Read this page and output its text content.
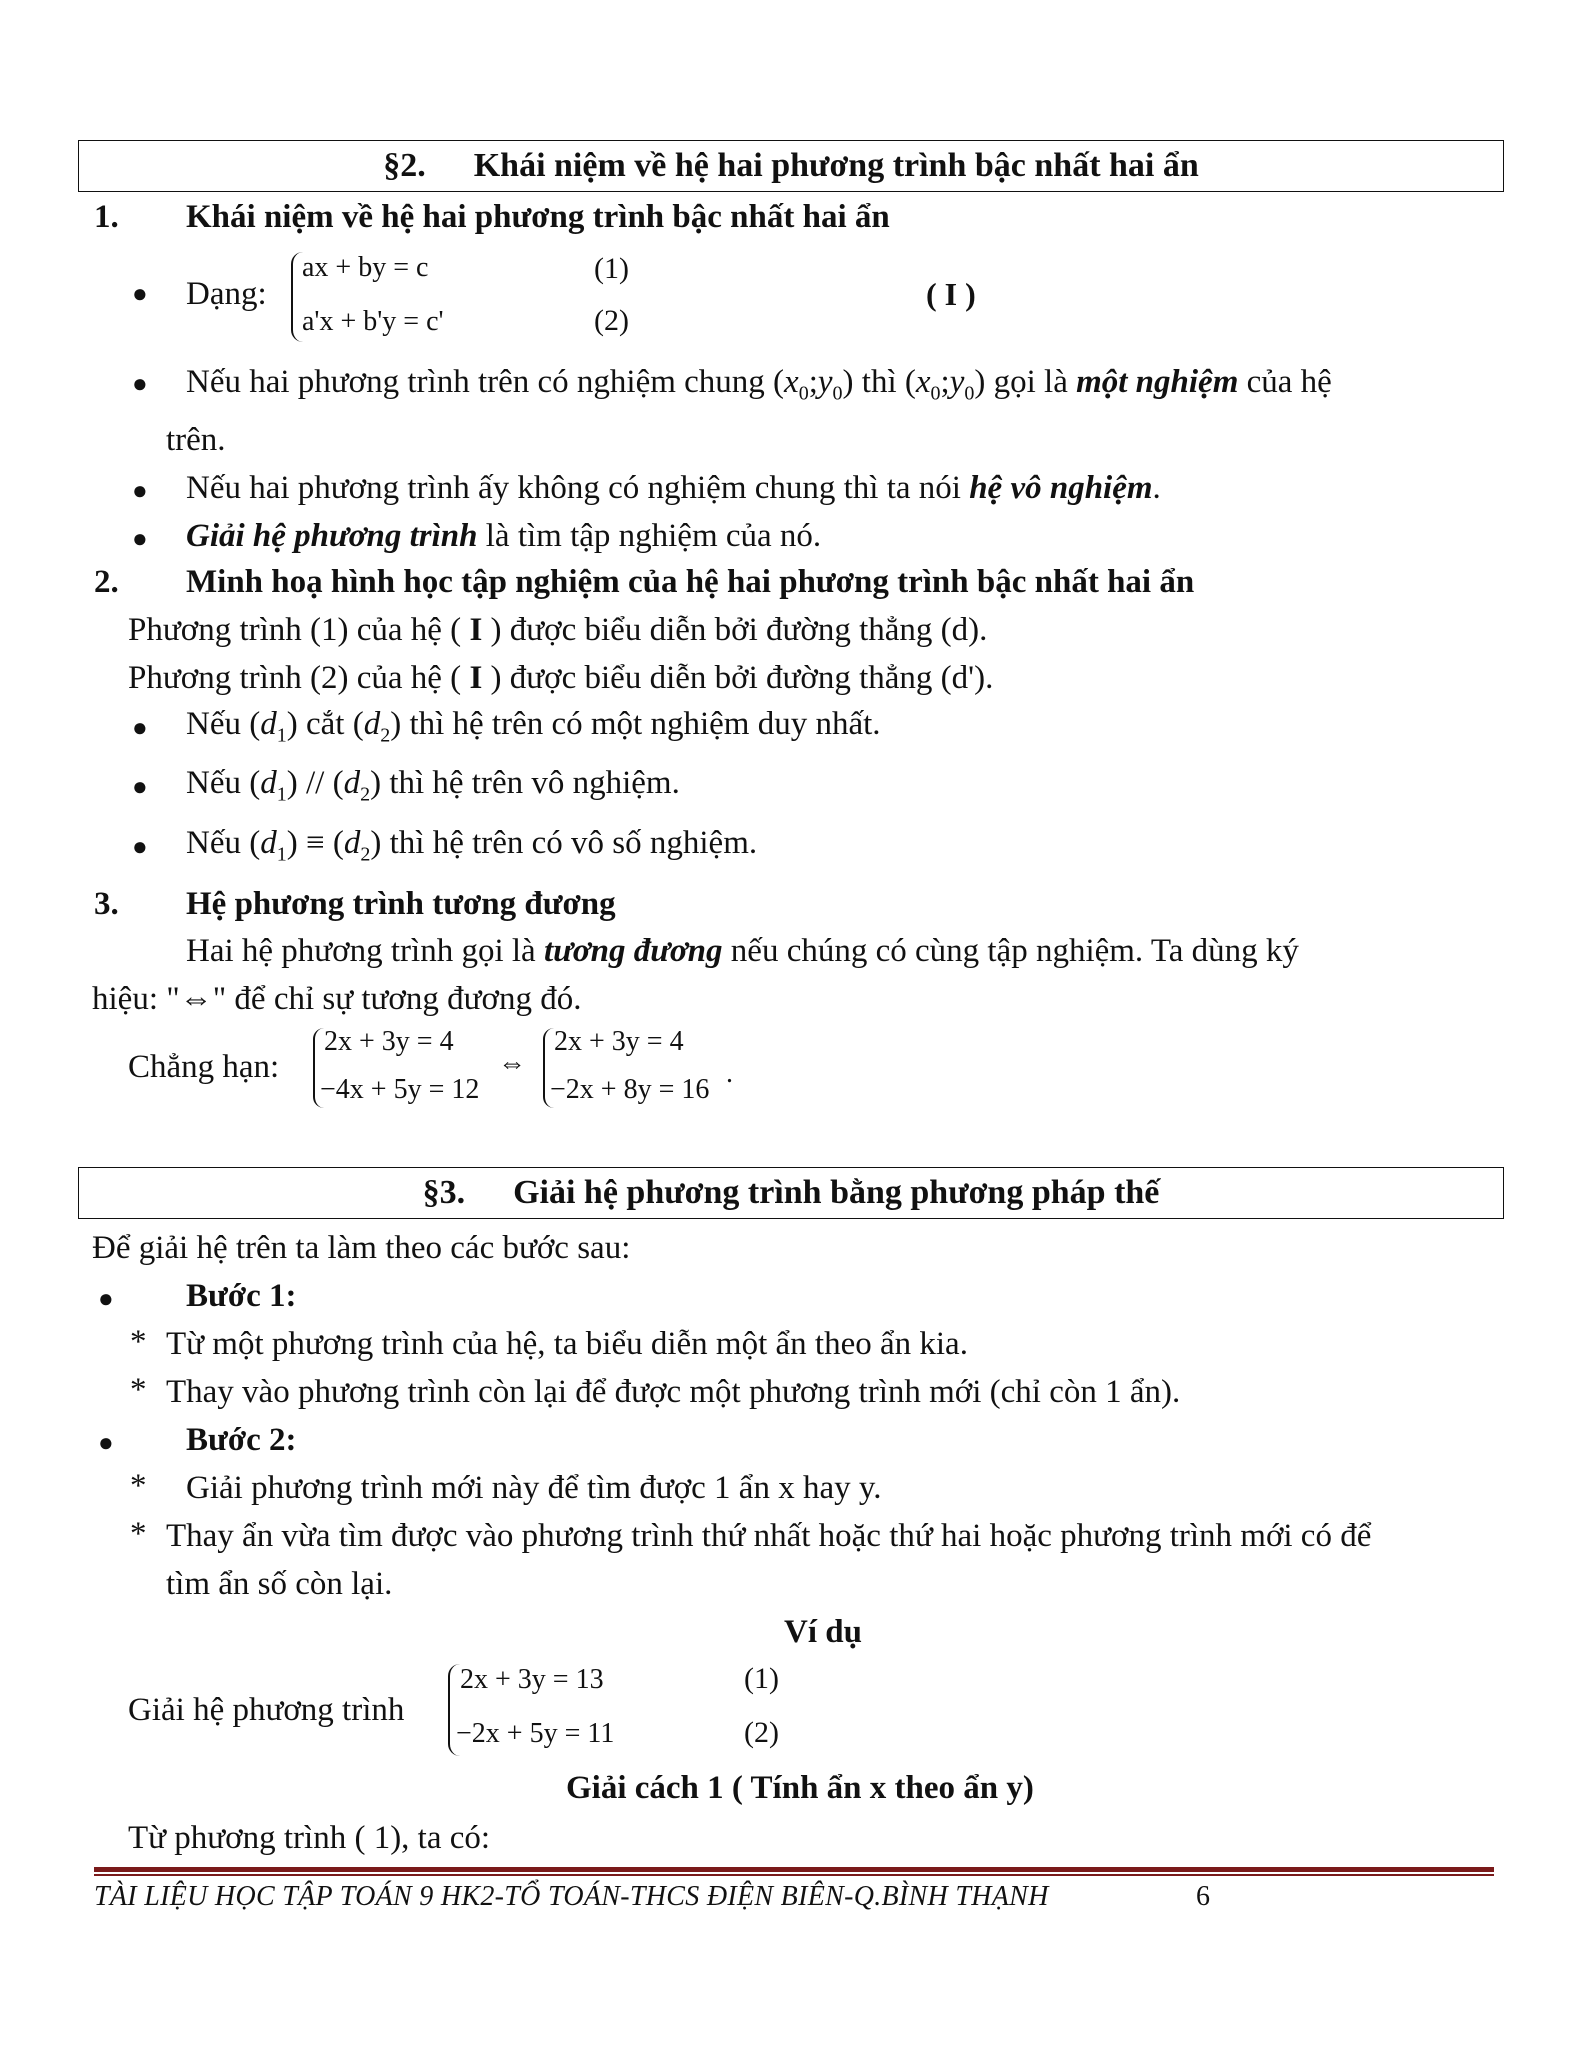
§2. Khái niệm về hệ hai phương trình bậc nhất hai ẩn
1. Khái niệm về hệ hai phương trình bậc nhất hai ẩn
● Dạng:
ax + by = c
a'x + b'y = c'
(1)
(2)
( I )
● Nếu hai phương trình trên có nghiệm chung $(x_0;y_0)$ thì $(x_0;y_0)$ gọi là một nghiệm của hệ
trên.
● Nếu hai phương trình ấy không có nghiệm chung thì ta nói hệ vô nghiệm.
● Giải hệ phương trình là tìm tập nghiệm của nó.
2. Minh hoạ hình học tập nghiệm của hệ hai phương trình bậc nhất hai ẩn
Phương trình (1) của hệ ( I ) được biểu diễn bởi đường thẳng (d).
Phương trình (2) của hệ ( I ) được biểu diễn bởi đường thẳng (d').
● Nếu $(d_1)$ cắt $(d_2)$ thì hệ trên có một nghiệm duy nhất.
● Nếu $(d_1) // (d_2)$ thì hệ trên vô nghiệm.
● Nếu $(d_1) \equiv (d_2)$ thì hệ trên có vô số nghiệm.
3. Hệ phương trình tương đương
Hai hệ phương trình gọi là tương đương nếu chúng có cùng tập nghiệm. Ta dùng ký
hiệu: "⇔" để chỉ sự tương đương đó.
Chẳng hạn:
2x + 3y = 4
−4x + 5y = 12
⇔
2x + 3y = 4
−2x + 8y = 16
.
§3. Giải hệ phương trình bằng phương pháp thế
Để giải hệ trên ta làm theo các bước sau:
● Bước 1:
* Từ một phương trình của hệ, ta biểu diễn một ẩn theo ẩn kia.
* Thay vào phương trình còn lại để được một phương trình mới (chỉ còn 1 ẩn).
● Bước 2:
* Giải phương trình mới này để tìm được 1 ẩn x hay y.
* Thay ẩn vừa tìm được vào phương trình thứ nhất hoặc thứ hai hoặc phương trình mới có để
tìm ẩn số còn lại.
Ví dụ
Giải hệ phương trình
2x + 3y = 13
−2x + 5y = 11
(1)
(2)
Giải cách 1 ( Tính ẩn x theo ẩn y)
Từ phương trình ( 1), ta có:
TÀI LIỆU HỌC TẬP TOÁN 9 HK2-TỔ TOÁN-THCS ĐIỆN BIÊN-Q.BÌNH THẠNH	6
